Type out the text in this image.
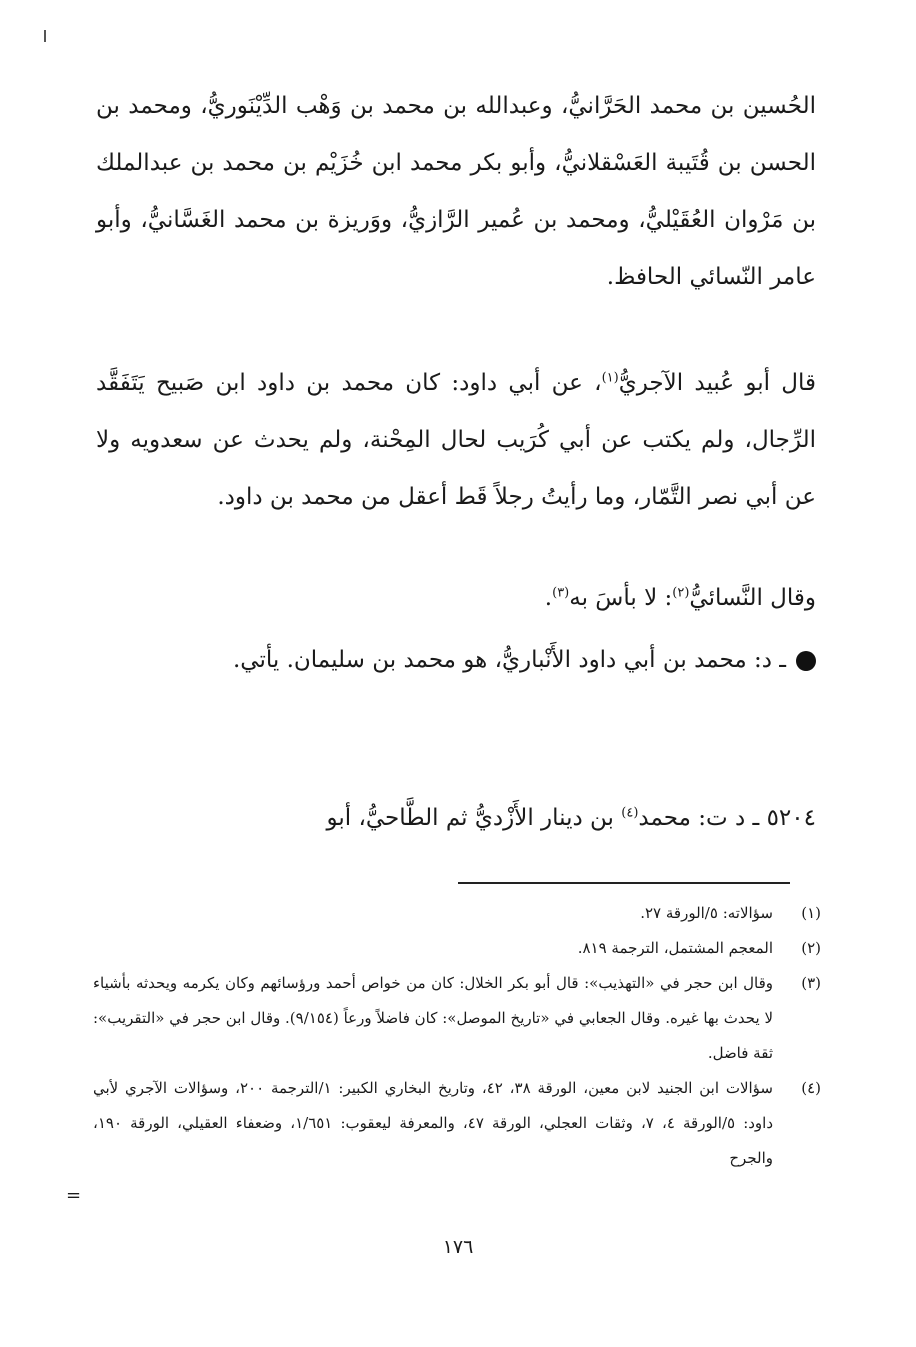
الحُسين بن محمد الحَرَّانيُّ، وعبدالله بن محمد بن وَهْب الدِّيْنَوريُّ، ومحمد بن الحسن بن قُتَيبة العَسْقلانيُّ، وأبو بكر محمد ابن خُزَيْم بن محمد بن عبدالملك بن مَرْوان العُقَيْليُّ، ومحمد بن عُمير الرَّازيُّ، ووَريزة بن محمد الغَسَّانيُّ، وأبو عامر النّسائي الحافظ.

قال أبو عُبيد الآجريُّ$^{(١)}$، عن أبي داود: كان محمد بن داود ابن صَبيح يَتَفَقَّد الرِّجال، ولم يكتب عن أبي كُرَيب لحال المِحْنة، ولم يحدث عن سعدويه ولا عن أبي نصر التَّمّار، وما رأيتُ رجلاً قَط أعقل من محمد بن داود.

وقال النَّسائيُّ$^{(٢)}$: لا بأسَ به$^{(٣)}$.

ـ د: محمد بن أبي داود الأَنْباريُّ، هو محمد بن سليمان. يأتي.

٥٢٠٤ ـ د ت: محمد$^{(٤)}$ بن دينار الأَزْديُّ ثم الطَّاحيُّ، أبو

(١)
سؤالاته: ٥/الورقة ٢٧.
(٢)
المعجم المشتمل، الترجمة ٨١٩.
(٣)
وقال ابن حجر في «التهذيب»: قال أبو بكر الخلال: كان من خواص أحمد ورؤسائهم وكان يكرمه ويحدثه بأشياء لا يحدث بها غيره. وقال الجعابي في «تاريخ الموصل»: كان فاضلاً ورعاً (٩/١٥٤). وقال ابن حجر في «التقريب»: ثقة فاضل.
(٤)
سؤالات ابن الجنيد لابن معين، الورقة ٣٨، ٤٢، وتاريخ البخاري الكبير: ١/الترجمة ٢٠٠، وسؤالات الآجري لأبي داود: ٥/الورقة ٤، ٧، وثقات العجلي، الورقة ٤٧، والمعرفة ليعقوب: ١/٦٥١، وضعفاء العقيلي، الورقة ١٩٠، والجرح
=
١٧٦
